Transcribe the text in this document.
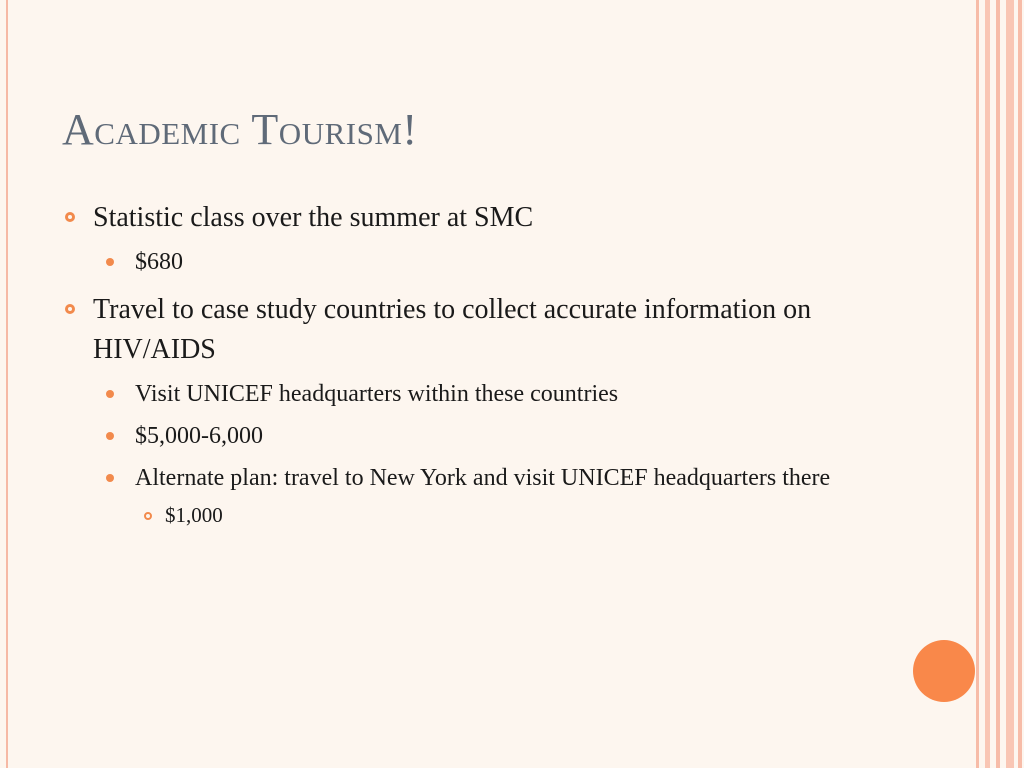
Academic Tourism!
Statistic class over the summer at SMC
$680
Travel to case study countries to collect accurate information on HIV/AIDS
Visit UNICEF headquarters within these countries
$5,000-6,000
Alternate plan: travel to New York and visit UNICEF headquarters there
$1,000
